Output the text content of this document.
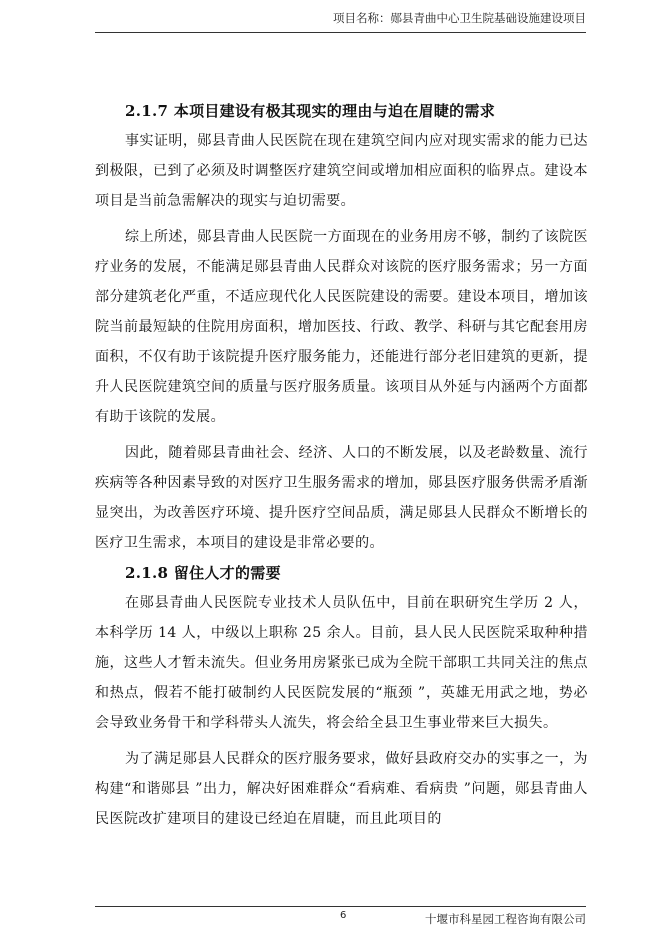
项目名称：郧县青曲中心卫生院基础设施建设项目
2.1.7 本项目建设有极其现实的理由与迫在眉睫的需求

事实证明，郧县青曲人民医院在现在建筑空间内应对现实需求的能力已达到极限，已到了必须及时调整医疗建筑空间或增加相应面积的临界点。建设本项目是当前急需解决的现实与迫切需要。

综上所述，郧县青曲人民医院一方面现在的业务用房不够，制约了该院医疗业务的发展，不能满足郧县青曲人民群众对该院的医疗服务需求；另一方面部分建筑老化严重，不适应现代化人民医院建设的需要。建设本项目，增加该院当前最短缺的住院用房面积，增加医技、行政、教学、科研与其它配套用房面积，不仅有助于该院提升医疗服务能力，还能进行部分老旧建筑的更新，提升人民医院建筑空间的质量与医疗服务质量。该项目从外延与内涵两个方面都有助于该院的发展。

因此，随着郧县青曲社会、经济、人口的不断发展，以及老龄数量、流行疾病等各种因素导致的对医疗卫生服务需求的增加，郧县医疗服务供需矛盾渐显突出，为改善医疗环境、提升医疗空间品质，满足郧县人民群众不断增长的医疗卫生需求，本项目的建设是非常必要的。

2.1.8 留住人才的需要

在郧县青曲人民医院专业技术人员队伍中，目前在职研究生学历 2 人，本科学历 14 人，中级以上职称 25 余人。目前，县人民人民医院采取种种措施，这些人才暂未流失。但业务用房紧张已成为全院干部职工共同关注的焦点和热点，假若不能打破制约人民医院发展的“瓶颈 ”，英雄无用武之地，势必会导致业务骨干和学科带头人流失，将会给全县卫生事业带来巨大损失。

为了满足郧县人民群众的医疗服务要求，做好县政府交办的实事之一，为构建“和谐郧县 ”出力，解决好困难群众“看病难、看病贵 ”问题，郧县青曲人民医院改扩建项目的建设已经迫在眉睫，而且此项目的

6	十堰市科星园工程咨询有限公司
